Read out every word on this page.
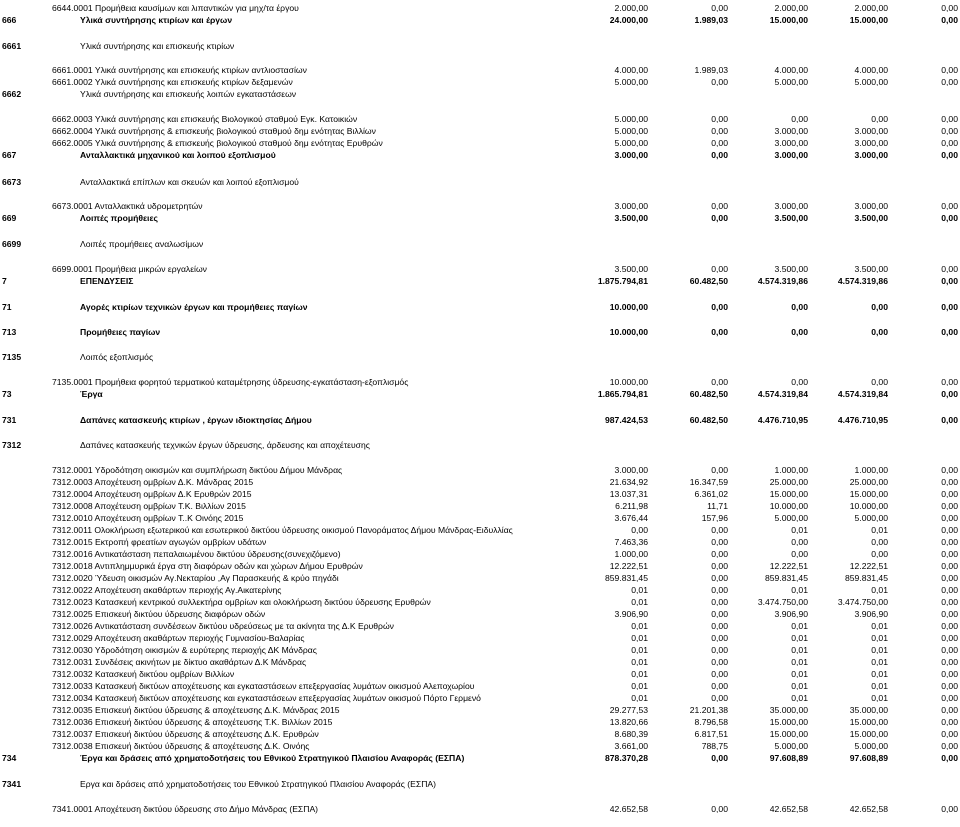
6644.0001 Προμήθεια καυσίμων και λιπαντικών για μηχ/τα έργου	2.000,00	0,00	2.000,00	2.000,00	0,00
666	Υλικά συντήρησης κτιρίων και έργων	24.000,00	1.989,03	15.000,00	15.000,00	0,00
6661	Υλικά συντήρησης και επισκευής κτιρίων
6661.0001 Υλικά συντήρησης και επισκευής κτιρίων αντλιοστασίων	4.000,00	1.989,03	4.000,00	4.000,00	0,00
6661.0002 Υλικά συντήρησης και επισκευής κτιρίων δεξαμενών	5.000,00	0,00	5.000,00	5.000,00	0,00
6662	Υλικά συντήρησης και επισκευής λοιπών εγκαταστάσεων
6662.0003 Υλικά συντήρησης και επισκευής Βιολογικού σταθμού Εγκ. Κατοικιών	5.000,00	0,00	0,00	0,00	0,00
6662.0004 Υλικά συντήρησης & επισκευής βιολογικού σταθμού δημ ενότητας Βιλλίων	5.000,00	0,00	3.000,00	3.000,00	0,00
6662.0005 Υλικά συντήρησης & επισκευής βιολογικού σταθμού δημ ενότητας Ερυθρών	5.000,00	0,00	3.000,00	3.000,00	0,00
667	Ανταλλακτικά μηχανικού και λοιπού εξοπλισμού	3.000,00	0,00	3.000,00	3.000,00	0,00
6673	Ανταλλακτικά επίπλων και σκευών και λοιπού εξοπλισμού
6673.0001 Ανταλλακτικά υδρομετρητών	3.000,00	0,00	3.000,00	3.000,00	0,00
669	Λοιπές προμήθειες	3.500,00	0,00	3.500,00	3.500,00	0,00
6699	Λοιπές προμήθειες αναλωσίμων
6699.0001 Προμήθεια μικρών εργαλείων	3.500,00	0,00	3.500,00	3.500,00	0,00
7	ΕΠΕΝΔΥΣΕΙΣ	1.875.794,81	60.482,50	4.574.319,86	4.574.319,86	0,00
71	Αγορές κτιρίων τεχνικών έργων και προμήθειες παγίων	10.000,00	0,00	0,00	0,00	0,00
713	Προμήθειες παγίων	10.000,00	0,00	0,00	0,00	0,00
7135	Λοιπός εξοπλισμός
7135.0001 Προμήθεια φορητού τερματικού καταμέτρησης ύδρευσης-εγκατάσταση-εξοπλισμός	10.000,00	0,00	0,00	0,00	0,00
73	Έργα	1.865.794,81	60.482,50	4.574.319,84	4.574.319,84	0,00
731	Δαπάνες κατασκευής κτιρίων , έργων ιδιοκτησίας Δήμου	987.424,53	60.482,50	4.476.710,95	4.476.710,95	0,00
7312	Δαπάνες κατασκευής τεχνικών έργων ύδρευσης, άρδευσης και αποχέτευσης
7312.0001 Υδροδότηση οικισμών και συμπλήρωση δικτύου Δήμου Μάνδρας	3.000,00	0,00	1.000,00	1.000,00	0,00
7312.0003 Αποχέτευση ομβρίων Δ.Κ. Μάνδρας 2015	21.634,92	16.347,59	25.000,00	25.000,00	0,00
7312.0004 Αποχέτευση ομβρίων Δ.Κ Ερυθρών 2015	13.037,31	6.361,02	15.000,00	15.000,00	0,00
7312.0008 Αποχέτευση ομβρίων Τ.Κ. Βιλλίων 2015	6.211,98	11,71	10.000,00	10.000,00	0,00
7312.0010 Αποχέτευση ομβρίων Τ..Κ Οινόης 2015	3.676,44	157,96	5.000,00	5.000,00	0,00
7312.0011 Ολοκλήρωση εξωτερικού και εσωτερικού δικτύου ύδρευσης οικισμού Πανοράματος Δήμου Μάνδρας-Ειδυλλίας	0,00	0,00	0,01	0,01	0,00
7312.0015 Εκτροπή φρεατίων αγωγών ομβρίων υδάτων	7.463,36	0,00	0,00	0,00	0,00
7312.0016 Αντικατάσταση πεπαλαιωμένου δικτύου ύδρευσης(συνεχιζόμενο)	1.000,00	0,00	0,00	0,00	0,00
7312.0018 Αντιπλημμυρικά έργα στη διαφόρων οδών και χώρων Δήμου Ερυθρών	12.222,51	0,00	12.222,51	12.222,51	0,00
7312.0020 Ύδευση οικισμών Αγ.Νεκταρίου ,Αγ Παρασκευής & κρύο πηγάδι	859.831,45	0,00	859.831,45	859.831,45	0,00
7312.0022 Αποχέτευση ακαθάρτων περιοχής Αγ.Αικατερίνης	0,01	0,00	0,01	0,01	0,00
7312.0023 Κατασκευή κεντρικού συλλεκτήρα ομβρίων και ολοκλήρωση δικτύου ύδρευσης Ερυθρών	0,01	0,00	3.474.750,00	3.474.750,00	0,00
7312.0025 Επισκευή δικτύου ύδρευσης διαφόρων οδών	3.906,90	0,00	3.906,90	3.906,90	0,00
7312.0026 Αντικατάσταση συνδέσεων δικτύου υδρεύσεως με τα ακίνητα της Δ.Κ Ερυθρών	0,01	0,00	0,01	0,01	0,00
7312.0029 Αποχέτευση ακαθάρτων περιοχής Γυμνασίου-Βαλαρίας	0,01	0,00	0,01	0,01	0,00
7312.0030 Υδροδότηση οικισμών & ευρύτερης περιοχής ΔΚ Μάνδρας	0,01	0,00	0,01	0,01	0,00
7312.0031 Συνδέσεις ακινήτων με δίκτυο ακαθάρτων Δ.Κ Μάνδρας	0,01	0,00	0,01	0,01	0,00
7312.0032 Κατασκευή δικτύου ομβρίων Βιλλίων	0,01	0,00	0,01	0,01	0,00
7312.0033 Κατασκευή δικτύων αποχέτευσης και εγκαταστάσεων επεξεργασίας λυμάτων οικισμού Αλεποχωρίου	0,01	0,00	0,01	0,01	0,00
7312.0034 Κατασκευή δικτύων αποχέτευσης και εγκαταστάσεων επεξεργασίας λυμάτων οικισμού Πόρτο Γερμενό	0,01	0,00	0,01	0,01	0,00
7312.0035 Επισκευή δικτύου ύδρευσης & αποχέτευσης Δ.Κ. Μάνδρας 2015	29.277,53	21.201,38	35.000,00	35.000,00	0,00
7312.0036 Επισκευή δικτύου ύδρευσης & αποχέτευσης Τ.Κ. Βιλλίων 2015	13.820,66	8.796,58	15.000,00	15.000,00	0,00
7312.0037 Επισκευή δικτύου ύδρευσης & αποχέτευσης Δ.Κ. Ερυθρών	8.680,39	6.817,51	15.000,00	15.000,00	0,00
7312.0038 Επισκευή δικτύου ύδρευσης & αποχέτευσης Δ.Κ. Οινόης	3.661,00	788,75	5.000,00	5.000,00	0,00
734	Έργα και δράσεις από χρηματοδοτήσεις του Εθνικού Στρατηγικού Πλαισίου Αναφοράς (ΕΣΠΑ)	878.370,28	0,00	97.608,89	97.608,89	0,00
7341	Εργα και δράσεις από χρηματοδοτήσεις του Εθνικού Στρατηγικού Πλαισίου Αναφοράς (ΕΣΠΑ)
7341.0001 Αποχέτευση δικτύου ύδρευσης στο Δήμο Μάνδρας (ΕΣΠΑ)	42.652,58	0,00	42.652,58	42.652,58	0,00
